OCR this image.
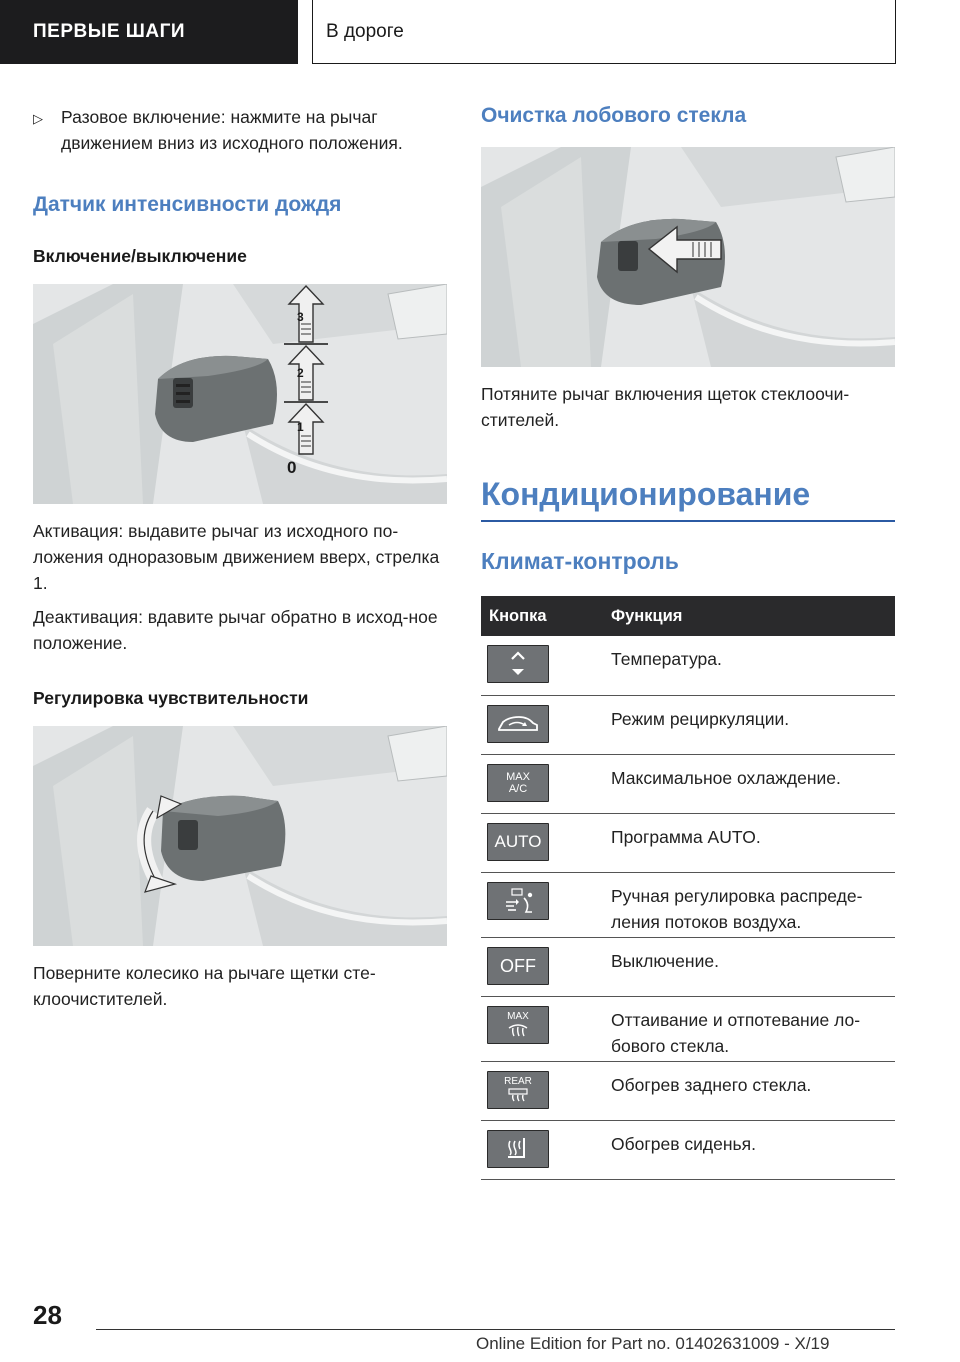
ПЕРВЫЕ ШАГИ	В дороге
▷	Разовое включение: нажмите на рычаг движением вниз из исходного положения.
Датчик интенсивности дождя
Включение/выключение
3
2
1
0
Активация: выдавите рычаг из исходного по-ложения одноразовым движением вверх, стрелка 1.
Деактивация: вдавите рычаг обратно в исход-ное положение.
Регулировка чувствительности
Поверните колесико на рычаге щетки сте-клоочистителей.
Очистка лобового стекла
Потяните рычаг включения щеток стеклоочи-стителей.
Кондиционирование
Климат-контроль
Кнопка	Функция

	Температура.

	Режим рециркуляции.

MAX
A/C	Максимальное охлаждение.

AUTO	Программа AUTO.

	Ручная регулировка распреде-ления потоков воздуха.

OFF	Выключение.

MAX	Оттаивание и отпотевание ло-бового стекла.

REAR	Обогрев заднего стекла.

	Обогрев сиденья.
28
Online Edition for Part no. 01402631009 - X/19
